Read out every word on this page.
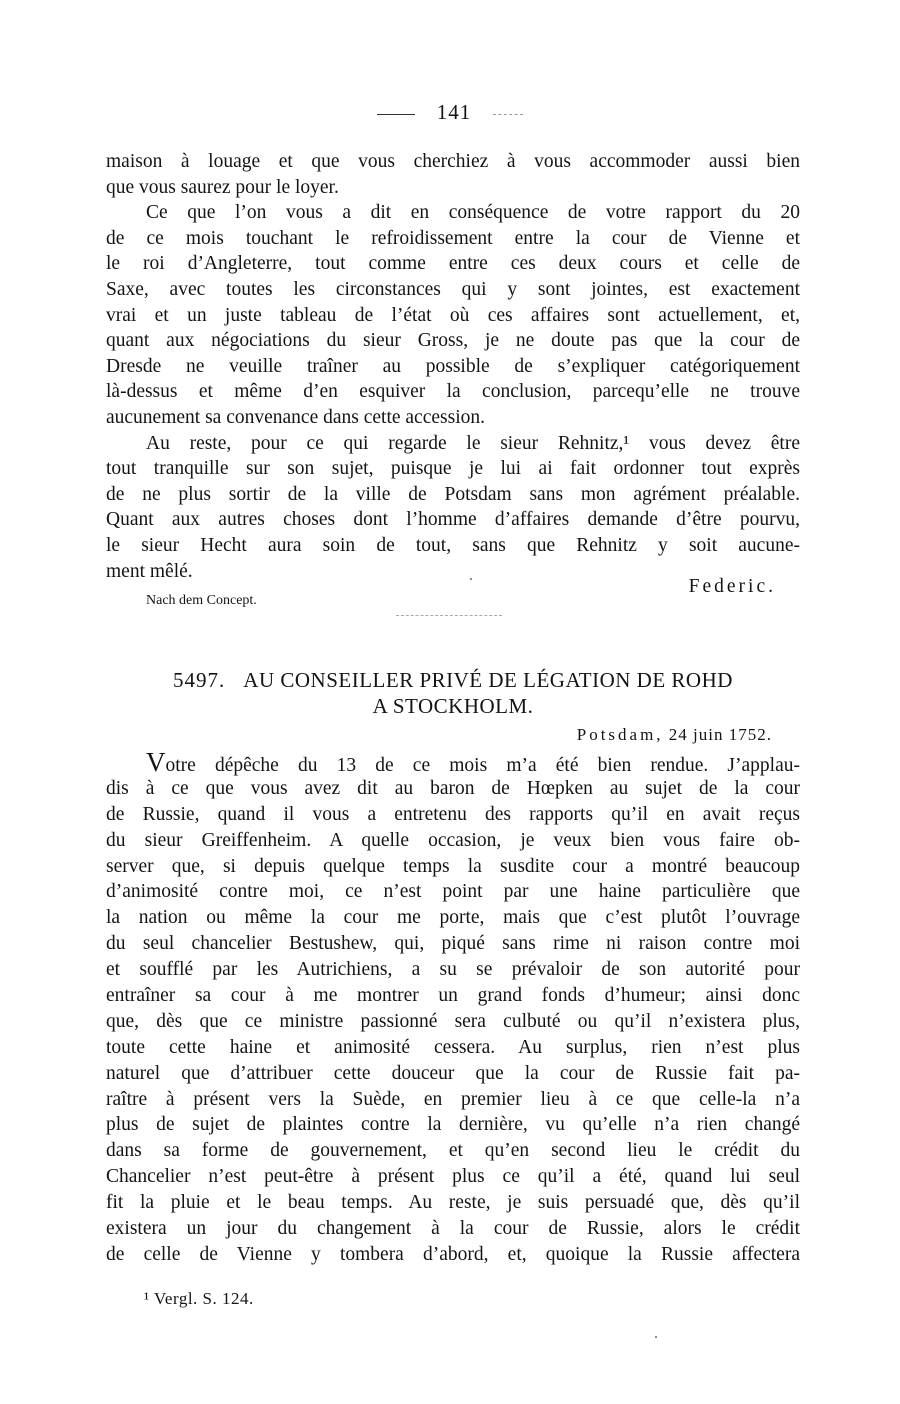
141
maison à louage et que vous cherchiez à vous accommoder aussi bien
que vous saurez pour le loyer.
Ce que l’on vous a dit en conséquence de votre rapport du 20
de ce mois touchant le refroidissement entre la cour de Vienne et
le roi d’Angleterre, tout comme entre ces deux cours et celle de
Saxe, avec toutes les circonstances qui y sont jointes, est exactement
vrai et un juste tableau de l’état où ces affaires sont actuellement, et,
quant aux négociations du sieur Gross, je ne doute pas que la cour de
Dresde ne veuille traîner au possible de s’expliquer catégoriquement
là-dessus et même d’en esquiver la conclusion, parcequ’elle ne trouve
aucunement sa convenance dans cette accession.
Au reste, pour ce qui regarde le sieur Rehnitz,¹ vous devez être
tout tranquille sur son sujet, puisque je lui ai fait ordonner tout exprès
de ne plus sortir de la ville de Potsdam sans mon agrément préalable.
Quant aux autres choses dont l’homme d’affaires demande d’être pourvu,
le sieur Hecht aura soin de tout, sans que Rehnitz y soit aucune-
ment mêlé.
Federic.
Nach dem Concept.
5497. AU CONSEILLER PRIVÉ DE LÉGATION DE ROHD
A STOCKHOLM.
Potsdam, 24 juin 1752.
Votre dépêche du 13 de ce mois m’a été bien rendue. J’applau-
dis à ce que vous avez dit au baron de Hœpken au sujet de la cour
de Russie, quand il vous a entretenu des rapports qu’il en avait reçus
du sieur Greiffenheim. A quelle occasion, je veux bien vous faire ob-
server que, si depuis quelque temps la susdite cour a montré beaucoup
d’animosité contre moi, ce n’est point par une haine particulière que
la nation ou même la cour me porte, mais que c’est plutôt l’ouvrage
du seul chancelier Bestushew, qui, piqué sans rime ni raison contre moi
et soufflé par les Autrichiens, a su se prévaloir de son autorité pour
entraîner sa cour à me montrer un grand fonds d’humeur; ainsi donc
que, dès que ce ministre passionné sera culbuté ou qu’il n’existera plus,
toute cette haine et animosité cessera. Au surplus, rien n’est plus
naturel que d’attribuer cette douceur que la cour de Russie fait pa-
raître à présent vers la Suède, en premier lieu à ce que celle-la n’a
plus de sujet de plaintes contre la dernière, vu qu’elle n’a rien changé
dans sa forme de gouvernement, et qu’en second lieu le crédit du
Chancelier n’est peut-être à présent plus ce qu’il a été, quand lui seul
fit la pluie et le beau temps. Au reste, je suis persuadé que, dès qu’il
existera un jour du changement à la cour de Russie, alors le crédit
de celle de Vienne y tombera d’abord, et, quoique la Russie affectera
¹ Vergl. S. 124.
